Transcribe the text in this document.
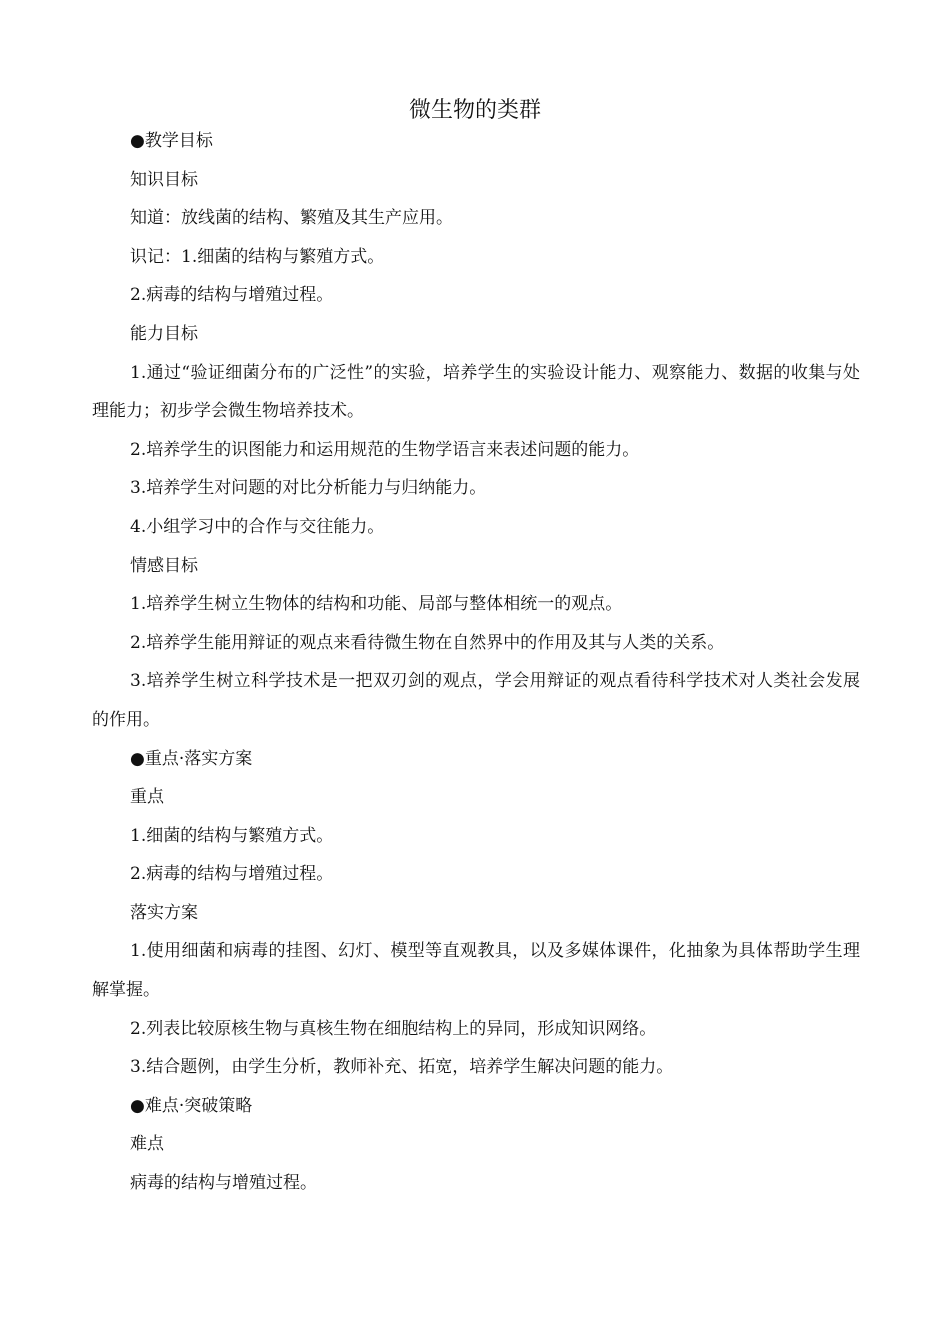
微生物的类群
●教学目标
知识目标
知道：放线菌的结构、繁殖及其生产应用。
识记：1.细菌的结构与繁殖方式。
2.病毒的结构与增殖过程。
能力目标
1.通过“验证细菌分布的广泛性”的实验，培养学生的实验设计能力、观察能力、数据的收集与处理能力；初步学会微生物培养技术。
2.培养学生的识图能力和运用规范的生物学语言来表述问题的能力。
3.培养学生对问题的对比分析能力与归纳能力。
4.小组学习中的合作与交往能力。
情感目标
1.培养学生树立生物体的结构和功能、局部与整体相统一的观点。
2.培养学生能用辩证的观点来看待微生物在自然界中的作用及其与人类的关系。
3.培养学生树立科学技术是一把双刃剑的观点，学会用辩证的观点看待科学技术对人类社会发展的作用。
●重点·落实方案
重点
1.细菌的结构与繁殖方式。
2.病毒的结构与增殖过程。
落实方案
1.使用细菌和病毒的挂图、幻灯、模型等直观教具，以及多媒体课件，化抽象为具体帮助学生理解掌握。
2.列表比较原核生物与真核生物在细胞结构上的异同，形成知识网络。
3.结合题例，由学生分析，教师补充、拓宽，培养学生解决问题的能力。
●难点·突破策略
难点
病毒的结构与增殖过程。
